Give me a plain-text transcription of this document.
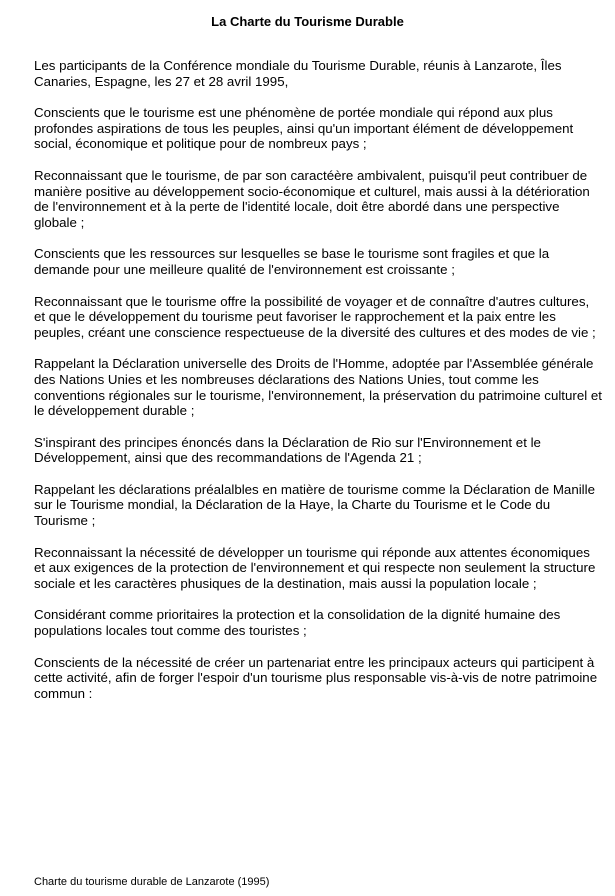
La Charte du Tourisme Durable

Les participants de la Conférence mondiale du Tourisme Durable, réunis à Lanzarote, Îles Canaries, Espagne, les 27 et 28 avril 1995,

Conscients que le tourisme est une phénomène de portée mondiale qui répond aux plus profondes aspirations de tous les peuples, ainsi qu'un important élément de développement social, économique et politique pour de nombreux pays ;

Reconnaissant que le tourisme, de par son caractéère ambivalent, puisqu'il peut contribuer de manière positive au développement socio-économique et culturel, mais aussi à la détérioration de l'environnement et à la perte de l'identité locale, doit être abordé dans une perspective globale ;

Conscients que les ressources sur lesquelles se base le tourisme sont fragiles et que la demande pour une meilleure qualité de l'environnement est croissante ;

Reconnaissant que le tourisme offre la possibilité de voyager et de connaître d'autres cultures, et que le développement du tourisme peut favoriser le rapprochement et la paix entre les peuples, créant une conscience respectueuse de la diversité des cultures et des modes de vie ;

Rappelant la Déclaration universelle des Droits de l'Homme, adoptée par l'Assemblée générale des Nations Unies et les nombreuses déclarations des Nations Unies, tout comme les conventions régionales sur le tourisme, l'environnement, la préservation du patrimoine culturel et le développement durable ;

S'inspirant des principes énoncés dans la Déclaration de Rio sur l'Environnement et le Développement, ainsi que des recommandations de l'Agenda 21 ;

Rappelant les déclarations préalalbles en matière de tourisme comme la Déclaration de Manille sur le Tourisme mondial, la Déclaration de la Haye, la Charte du Tourisme et le Code du Tourisme ;

Reconnaissant la nécessité de développer un tourisme qui réponde aux attentes économiques et aux exigences de la protection de l'environnement et qui respecte non seulement la structure sociale et les caractères phusiques de la destination, mais aussi la population locale ;

Considérant comme prioritaires la protection et la consolidation de la dignité humaine des populations locales tout comme des touristes ;

Conscients de la nécessité de créer un partenariat entre les principaux acteurs qui participent à cette activité, afin de forger l'espoir d'un tourisme plus responsable vis-à-vis de notre patrimoine commun :

Charte du tourisme durable de Lanzarote (1995)
